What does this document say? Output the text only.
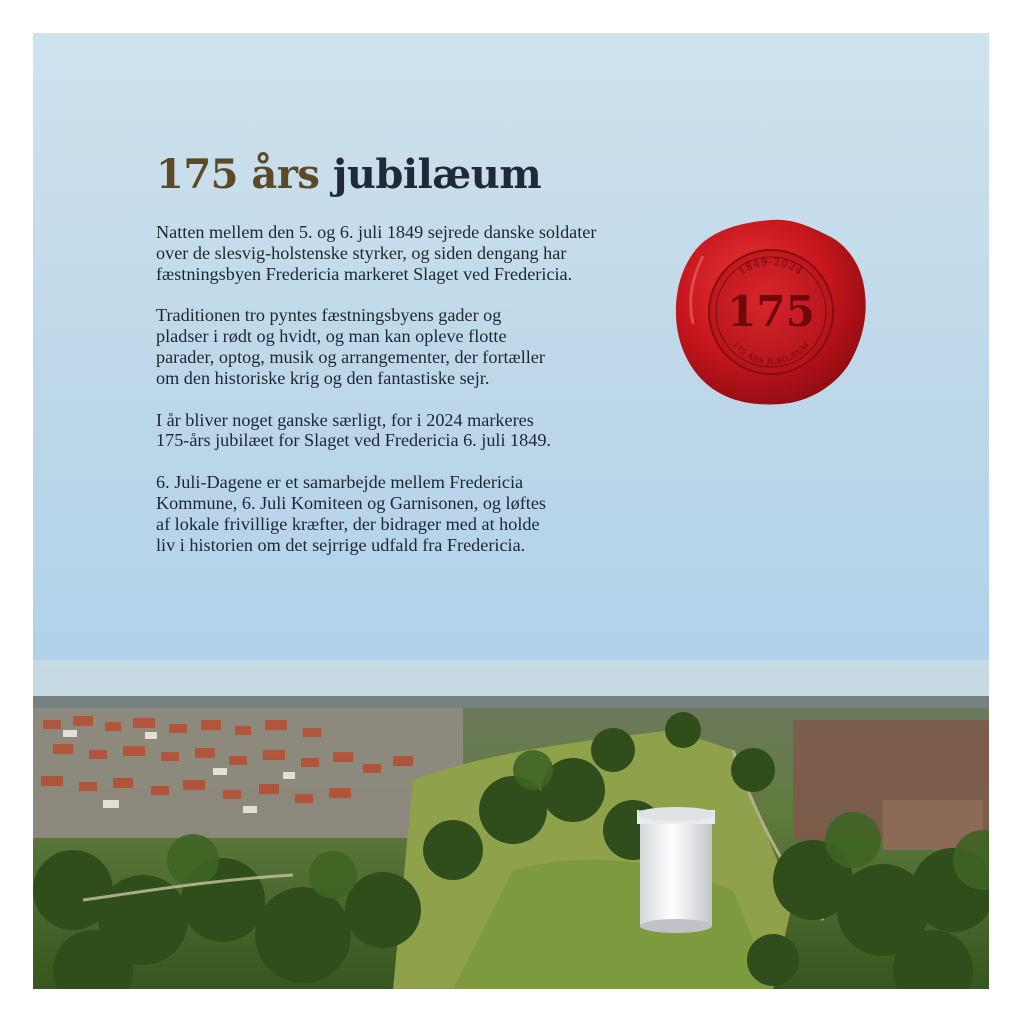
175 års jubilæum

Natten mellem den 5. og 6. juli 1849 sejrede danske soldater
over de slesvig-holstenske styrker, og siden dengang har
fæstningsbyen Fredericia markeret Slaget ved Fredericia.

Traditionen tro pyntes fæstningsbyens gader og
pladser i rødt og hvidt, og man kan opleve flotte
parader, optog, musik og arrangementer, der fortæller
om den historiske krig og den fantastiske sejr.

I år bliver noget ganske særligt, for i 2024 markeres
175-års jubilæet for Slaget ved Fredericia 6. juli 1849.

6. Juli-Dagene er et samarbejde mellem Fredericia
Kommune, 6. Juli Komiteen og Garnisonen, og løftes
af lokale frivillige kræfter, der bidrager med at holde
liv i historien om det sejrrige udfald fra Fredericia.

1849-2024
175
175 ÅRS JUBILÆUM
